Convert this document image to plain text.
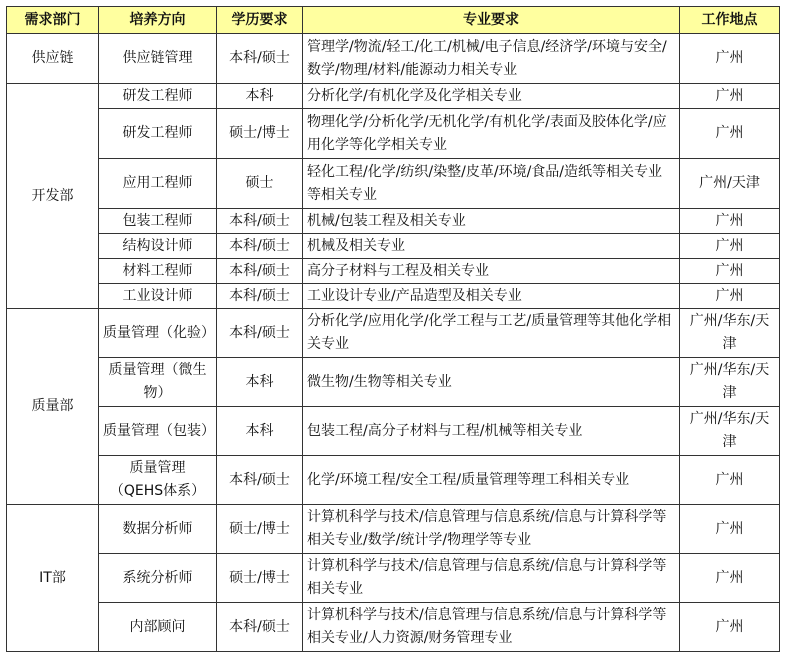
需求部门	培养方向	学历要求	专业要求	工作地点
供应链	供应链管理	本科/硕士	管理学/物流/轻工/化工/机械/电子信息/经济学/环境与安全/数学/物理/材料/能源动力相关专业	广州
开发部	研发工程师	本科	分析化学/有机化学及化学相关专业	广州
	研发工程师	硕士/博士	物理化学/分析化学/无机化学/有机化学/表面及胶体化学/应用化学等化学相关专业	广州
	应用工程师	硕士	轻化工程/化学/纺织/染整/皮革/环境/食品/造纸等相关专业等相关专业	广州/天津
	包装工程师	本科/硕士	机械/包装工程及相关专业	广州
	结构设计师	本科/硕士	机械及相关专业	广州
	材料工程师	本科/硕士	高分子材料与工程及相关专业	广州
	工业设计师	本科/硕士	工业设计专业/产品造型及相关专业	广州
质量部	质量管理（化验）	本科/硕士	分析化学/应用化学/化学工程与工艺/质量管理等其他化学相关专业	广州/华东/天津
	质量管理（微生物）	本科	微生物/生物等相关专业	广州/华东/天津
	质量管理（包装）	本科	包装工程/高分子材料与工程/机械等相关专业	广州/华东/天津
	质量管理（QEHS体系）	本科/硕士	化学/环境工程/安全工程/质量管理等理工科相关专业	广州
IT部	数据分析师	硕士/博士	计算机科学与技术/信息管理与信息系统/信息与计算科学等相关专业/数学/统计学/物理学等专业	广州
	系统分析师	硕士/博士	计算机科学与技术/信息管理与信息系统/信息与计算科学等相关专业	广州
	内部顾问	本科/硕士	计算机科学与技术/信息管理与信息系统/信息与计算科学等相关专业/人力资源/财务管理专业	广州
